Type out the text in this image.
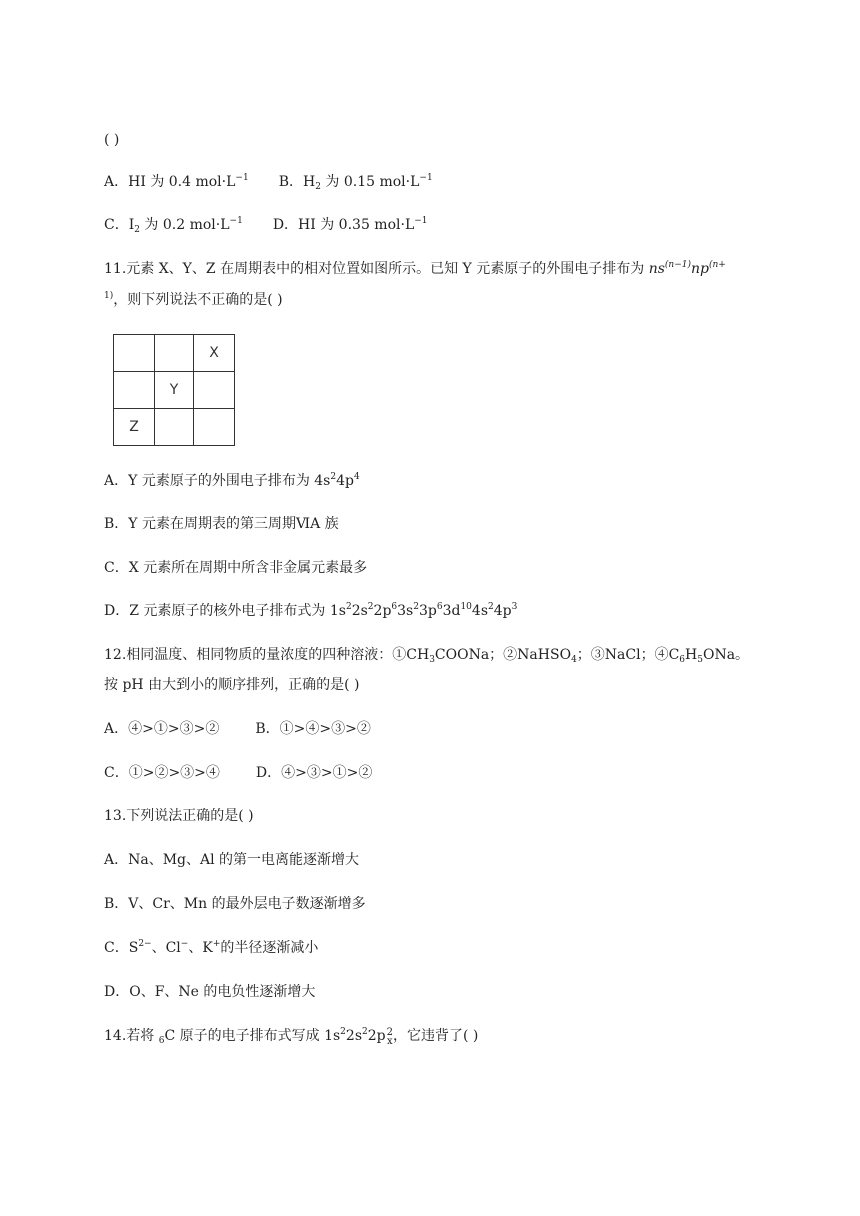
( )
A．HI 为 0.4 $mol\cdot L^{-1}$ B．$H_2$ 为 0.15 $mol\cdot L^{-1}$
C．$I_2$ 为 0.2 $mol\cdot L^{-1}$ D．HI 为 0.35 $mol\cdot L^{-1}$
11.元素 X、Y、Z 在周期表中的相对位置如图所示。已知 Y 元素原子的外围电子排布为 $ns^{(n-1)}np^{(n+}$
$^{1)}$，则下列说法不正确的是( )
		X
	Y	
Z		
A．Y 元素原子的外围电子排布为 $4s^24p^4$
B．Y 元素在周期表的第三周期ⅥA 族
C．X 元素所在周期中所含非金属元素最多
D．Z 元素原子的核外电子排布式为 $1s^22s^22p^63s^23p^63d^{10}4s^24p^3$
12.相同温度、相同物质的量浓度的四种溶液：$①CH_3COONa$；②NaHSO$_4$；③NaCl；$④C_6H_5ONa$。
按 pH 由大到小的顺序排列，正确的是( )
A．④>①>③>②	B．①>④>③>②
C．①>②>③>④	D．④>③>①>②
13.下列说法正确的是( )
A．Na、Mg、Al 的第一电离能逐渐增大
B．V、Cr、Mn 的最外层电子数逐渐增多
C．$S^{2-}$、Cl−、K+的半径逐渐减小
D．O、F、Ne 的电负性逐渐增大
14.若将 $_6$C 原子的电子排布式写成 $1s^22s^22p$ 2
x ，它违背了( )
